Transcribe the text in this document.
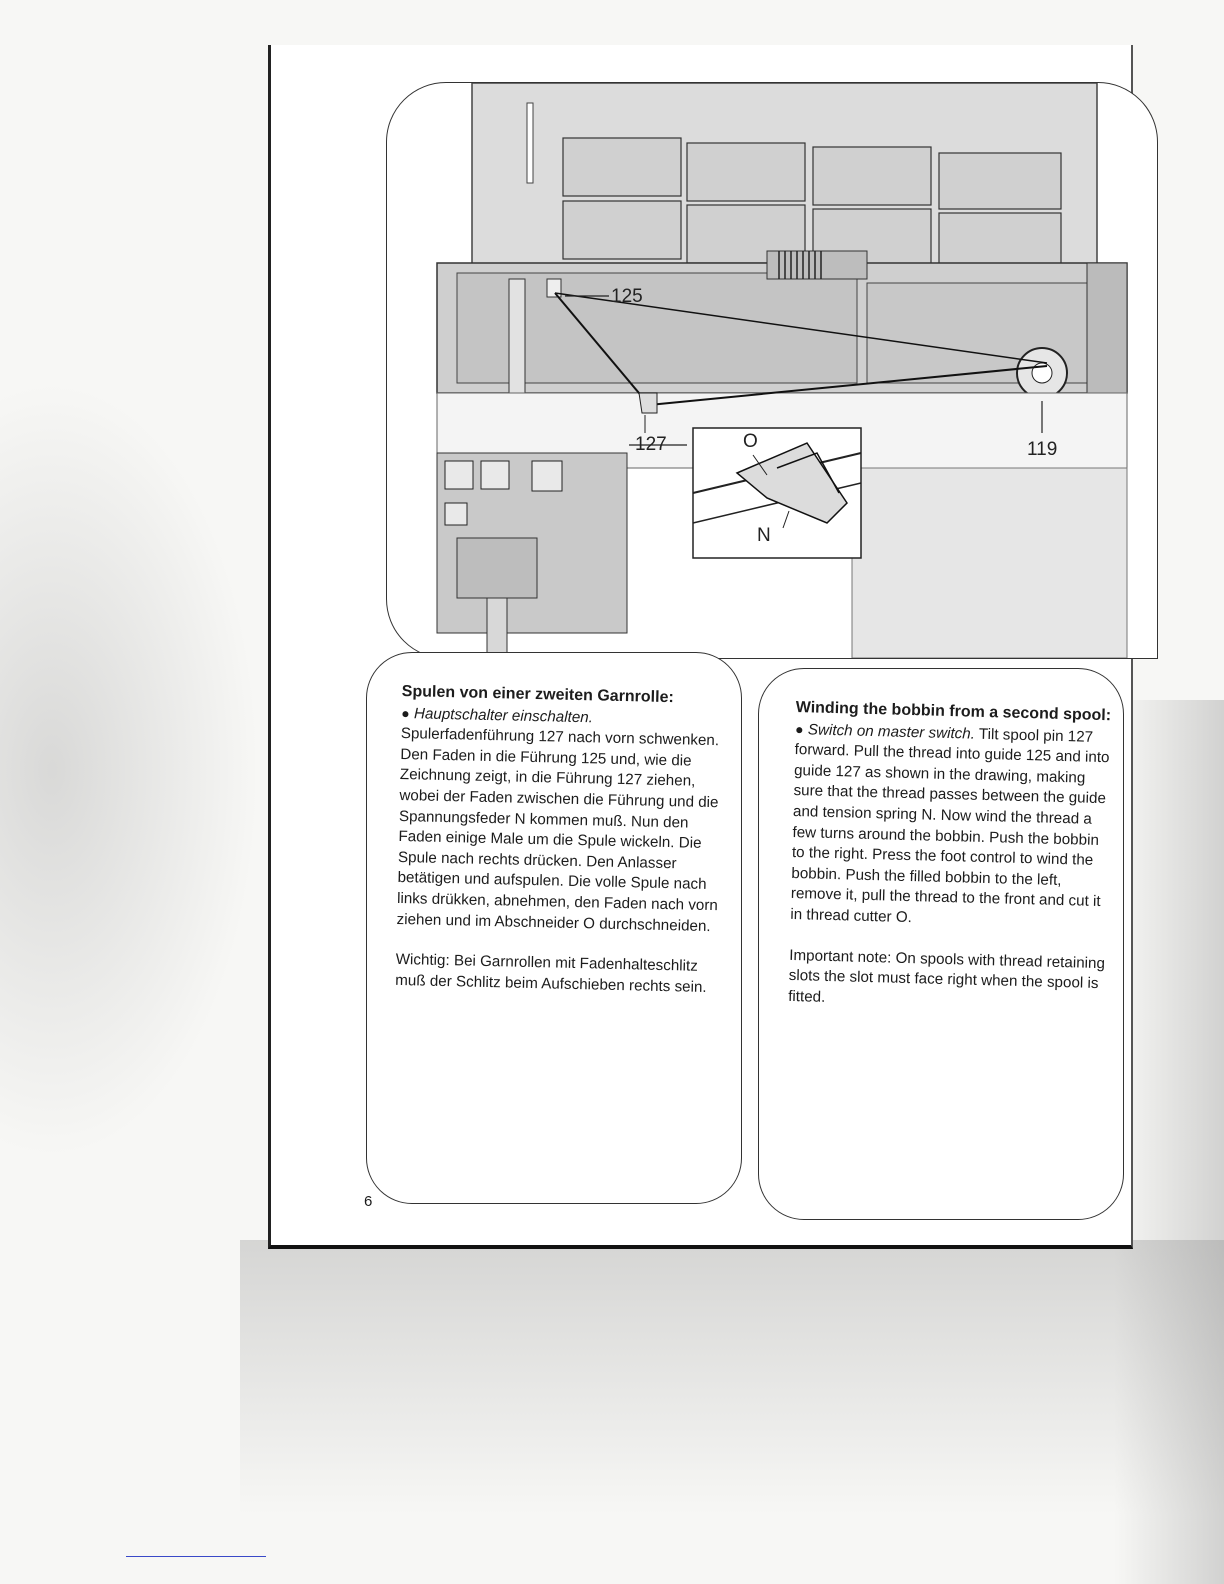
125
127	119
O
N

Spulen von einer zweiten Garnrolle:
● Hauptschalter einschalten. Spulerfadenführung 127 nach vorn schwenken. Den Faden in die Führung 125 und, wie die Zeichnung zeigt, in die Führung 127 ziehen, wobei der Faden zwischen die Führung und die Spannungsfeder N kommen muß. Nun den Faden einige Male um die Spule wickeln. Die Spule nach rechts drücken. Den Anlasser betätigen und aufspulen. Die volle Spule nach links drükken, abnehmen, den Faden nach vorn ziehen und im Abschneider O durchschneiden.

Wichtig: Bei Garnrollen mit Fadenhalteschlitz muß der Schlitz beim Aufschieben rechts sein.

Winding the bobbin from a second spool: ● Switch on master switch. Tilt spool pin 127 forward. Pull the thread into guide 125 and into guide 127 as shown in the drawing, making sure that the thread passes between the guide and tension spring N. Now wind the thread a few turns around the bobbin. Push the bobbin to the right. Press the foot control to wind the bobbin. Push the filled bobbin to the left, remove it, pull the thread to the front and cut it in thread cutter O.

Important note: On spools with thread retaining slots the slot must face right when the spool is fitted.

6
